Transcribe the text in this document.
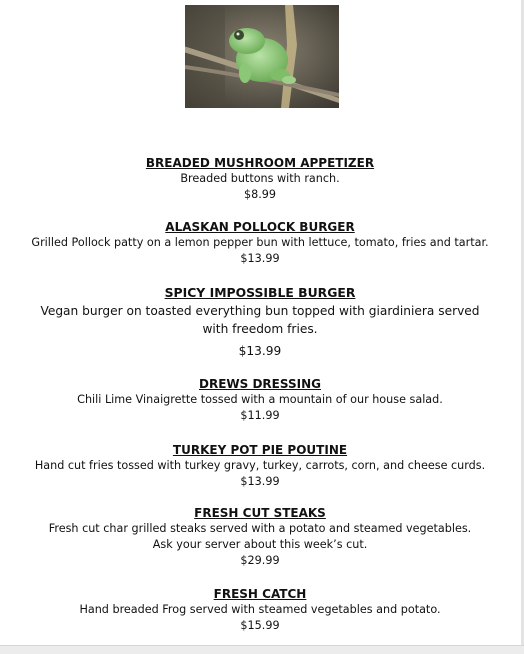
BREADED MUSHROOM APPETIZER
Breaded buttons with ranch.
$8.99
ALASKAN POLLOCK BURGER
Grilled Pollock patty on a lemon pepper bun with lettuce, tomato, fries and tartar.
$13.99
SPICY IMPOSSIBLE BURGER
Vegan burger on toasted everything bun topped with giardiniera served with freedom fries.
$13.99
DREWS DRESSING
Chili Lime Vinaigrette tossed with a mountain of our house salad.
$11.99
TURKEY POT PIE POUTINE
Hand cut fries tossed with turkey gravy, turkey, carrots, corn, and cheese curds.
$13.99
FRESH CUT STEAKS
Fresh cut char grilled steaks served with a potato and steamed vegetables.
Ask your server about this week’s cut.
$29.99
FRESH CATCH
Hand breaded Frog served with steamed vegetables and potato.
$15.99
